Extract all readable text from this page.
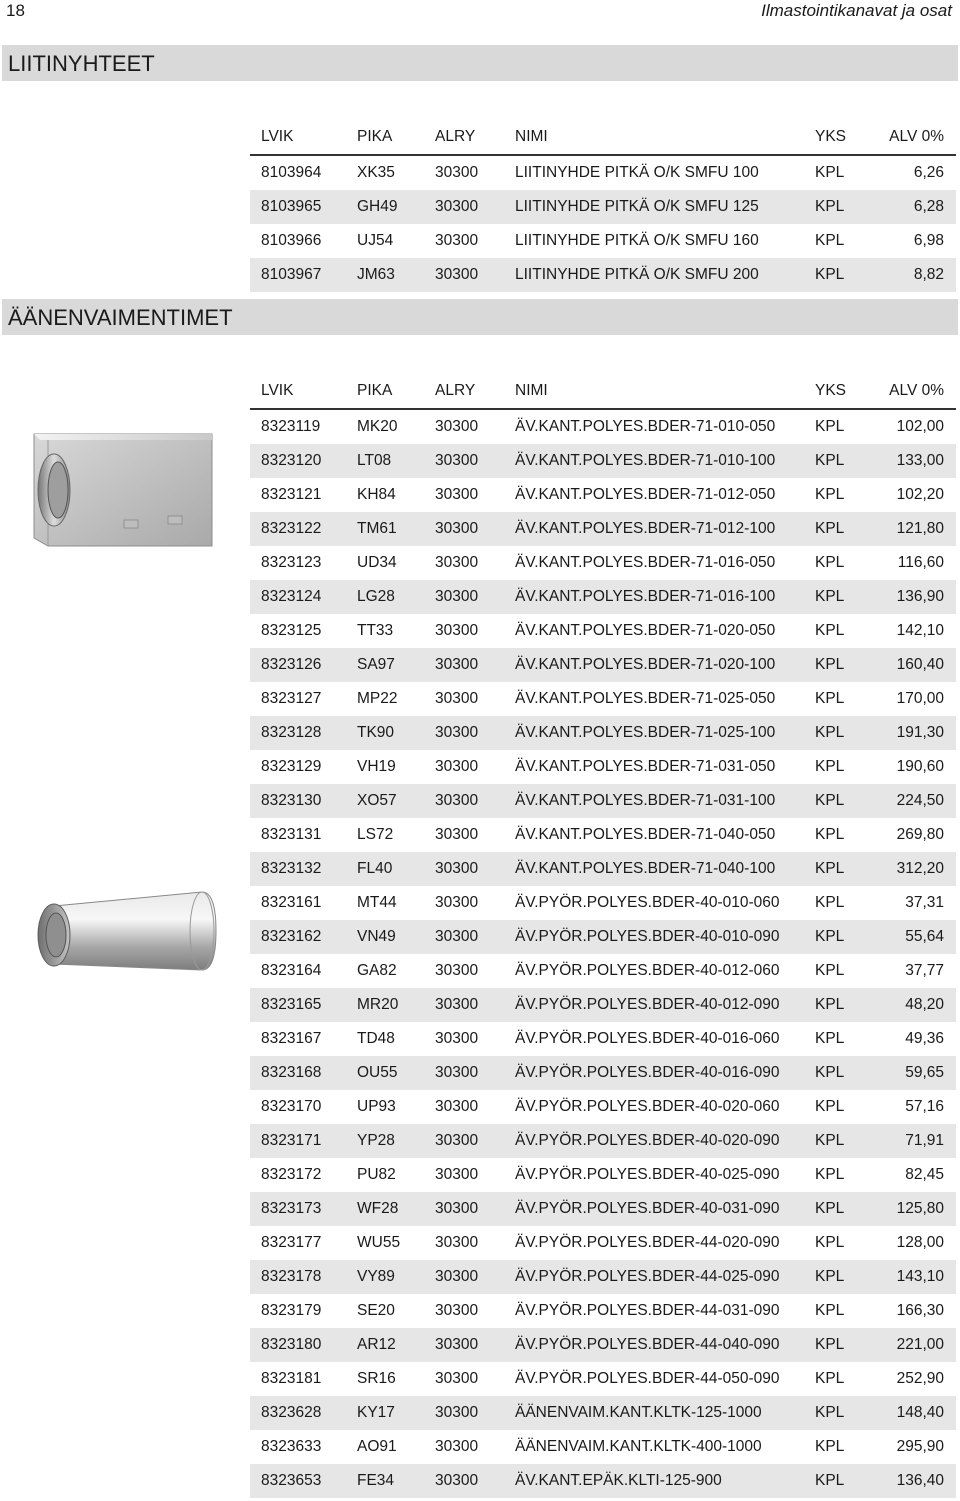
18	Ilmastointikanavat ja osat
LIITINYHTEET
LVIK	PIKA	ALRY	NIMI	YKS	ALV 0%
8103964	XK35	30300	LIITINYHDE PITKÄ O/K SMFU 100	KPL	6,26
8103965	GH49	30300	LIITINYHDE PITKÄ O/K SMFU 125	KPL	6,28
8103966	UJ54	30300	LIITINYHDE PITKÄ O/K SMFU 160	KPL	6,98
8103967	JM63	30300	LIITINYHDE PITKÄ O/K SMFU 200	KPL	8,82
ÄÄNENVAIMENTIMET
LVIK	PIKA	ALRY	NIMI	YKS	ALV 0%
8323119	MK20	30300	ÄV.KANT.POLYES.BDER-71-010-050	KPL	102,00
8323120	LT08	30300	ÄV.KANT.POLYES.BDER-71-010-100	KPL	133,00
8323121	KH84	30300	ÄV.KANT.POLYES.BDER-71-012-050	KPL	102,20
8323122	TM61	30300	ÄV.KANT.POLYES.BDER-71-012-100	KPL	121,80
8323123	UD34	30300	ÄV.KANT.POLYES.BDER-71-016-050	KPL	116,60
8323124	LG28	30300	ÄV.KANT.POLYES.BDER-71-016-100	KPL	136,90
8323125	TT33	30300	ÄV.KANT.POLYES.BDER-71-020-050	KPL	142,10
8323126	SA97	30300	ÄV.KANT.POLYES.BDER-71-020-100	KPL	160,40
8323127	MP22	30300	ÄV.KANT.POLYES.BDER-71-025-050	KPL	170,00
8323128	TK90	30300	ÄV.KANT.POLYES.BDER-71-025-100	KPL	191,30
8323129	VH19	30300	ÄV.KANT.POLYES.BDER-71-031-050	KPL	190,60
8323130	XO57	30300	ÄV.KANT.POLYES.BDER-71-031-100	KPL	224,50
8323131	LS72	30300	ÄV.KANT.POLYES.BDER-71-040-050	KPL	269,80
8323132	FL40	30300	ÄV.KANT.POLYES.BDER-71-040-100	KPL	312,20
8323161	MT44	30300	ÄV.PYÖR.POLYES.BDER-40-010-060	KPL	37,31
8323162	VN49	30300	ÄV.PYÖR.POLYES.BDER-40-010-090	KPL	55,64
8323164	GA82	30300	ÄV.PYÖR.POLYES.BDER-40-012-060	KPL	37,77
8323165	MR20	30300	ÄV.PYÖR.POLYES.BDER-40-012-090	KPL	48,20
8323167	TD48	30300	ÄV.PYÖR.POLYES.BDER-40-016-060	KPL	49,36
8323168	OU55	30300	ÄV.PYÖR.POLYES.BDER-40-016-090	KPL	59,65
8323170	UP93	30300	ÄV.PYÖR.POLYES.BDER-40-020-060	KPL	57,16
8323171	YP28	30300	ÄV.PYÖR.POLYES.BDER-40-020-090	KPL	71,91
8323172	PU82	30300	ÄV.PYÖR.POLYES.BDER-40-025-090	KPL	82,45
8323173	WF28	30300	ÄV.PYÖR.POLYES.BDER-40-031-090	KPL	125,80
8323177	WU55	30300	ÄV.PYÖR.POLYES.BDER-44-020-090	KPL	128,00
8323178	VY89	30300	ÄV.PYÖR.POLYES.BDER-44-025-090	KPL	143,10
8323179	SE20	30300	ÄV.PYÖR.POLYES.BDER-44-031-090	KPL	166,30
8323180	AR12	30300	ÄV.PYÖR.POLYES.BDER-44-040-090	KPL	221,00
8323181	SR16	30300	ÄV.PYÖR.POLYES.BDER-44-050-090	KPL	252,90
8323628	KY17	30300	ÄÄNENVAIM.KANT.KLTK-125-1000	KPL	148,40
8323633	AO91	30300	ÄÄNENVAIM.KANT.KLTK-400-1000	KPL	295,90
8323653	FE34	30300	ÄV.KANT.EPÄK.KLTI-125-900	KPL	136,40
